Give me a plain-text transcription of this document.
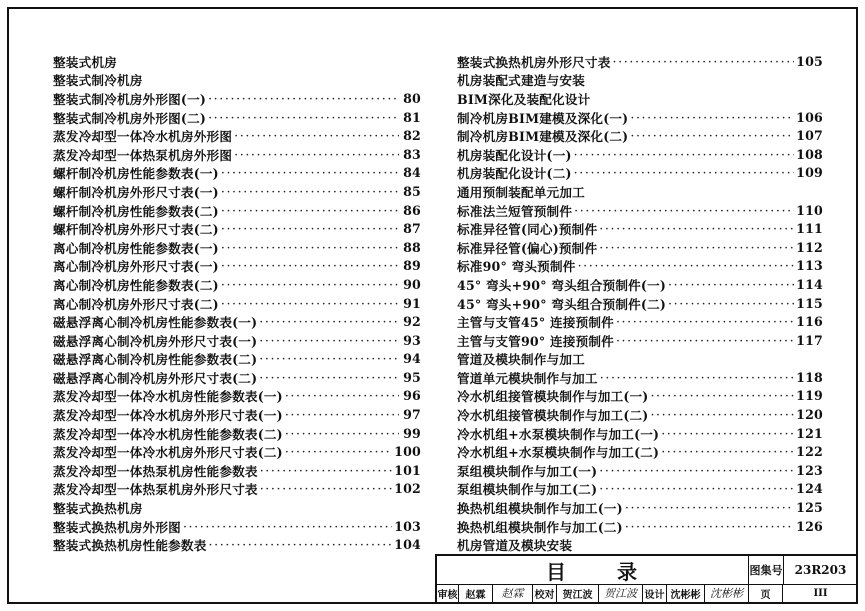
整装式机房
整装式制冷机房
整装式制冷机房外形图(一) ·····	80
整装式制冷机房外形图(二) ·····	81
蒸发冷却型一体冷水机房外形图 ·····	82
蒸发冷却型一体热泵机房外形图 ·····	83
螺杆制冷机房性能参数表(一) ·····	84
螺杆制冷机房外形尺寸表(一) ·····	85
螺杆制冷机房性能参数表(二) ·····	86
螺杆制冷机房外形尺寸表(二) ·····	87
离心制冷机房性能参数表(一) ·····	88
离心制冷机房外形尺寸表(一) ·····	89
离心制冷机房性能参数表(二) ·····	90
离心制冷机房外形尺寸表(二) ·····	91
磁悬浮离心制冷机房性能参数表(一) ·····	92
磁悬浮离心制冷机房外形尺寸表(一) ·····	93
磁悬浮离心制冷机房性能参数表(二) ·····	94
磁悬浮离心制冷机房外形尺寸表(二) ·····	95
蒸发冷却型一体冷水机房性能参数表(一) ·····	96
蒸发冷却型一体冷水机房外形尺寸表(一) ·····	97
蒸发冷却型一体冷水机房性能参数表(二) ·····	99
蒸发冷却型一体冷水机房外形尺寸表(二) ·····	100
蒸发冷却型一体热泵机房性能参数表 ·····	101
蒸发冷却型一体热泵机房外形尺寸表 ·····	102
整装式换热机房
整装式换热机房外形图 ·····	103
整装式换热机房性能参数表 ·····	104
整装式换热机房外形尺寸表 ·····	105
机房装配式建造与安装
BIM深化及装配化设计
制冷机房BIM建模及深化(一) ·····	106
制冷机房BIM建模及深化(二) ·····	107
机房装配化设计(一) ·····	108
机房装配化设计(二) ·····	109
通用预制装配单元加工
标准法兰短管预制件 ·····	110
标准异径管(同心)预制件 ·····	111
标准异径管(偏心)预制件 ·····	112
标准90° 弯头预制件 ·····	113
45° 弯头+90° 弯头组合预制件(一) ·····	114
45° 弯头+90° 弯头组合预制件(二) ·····	115
主管与支管45° 连接预制件 ·····	116
主管与支管90° 连接预制件 ·····	117
管道及模块制作与加工
管道单元模块制作与加工 ·····	118
冷水机组接管模块制作与加工(一) ·····	119
冷水机组接管模块制作与加工(二) ·····	120
冷水机组+水泵模块制作与加工(一) ·····	121
冷水机组+水泵模块制作与加工(二) ·····	122
泵组模块制作与加工(一) ·····	123
泵组模块制作与加工(二) ·····	124
换热机组模块制作与加工(一) ·····	125
换热机组模块制作与加工(二) ·····	126
机房管道及模块安装
目 录	图集号	23R203
审核 赵霖	赵霖	校对 贺江波	贺江波 设计 沈彬彬 沈彬彬	页	III
